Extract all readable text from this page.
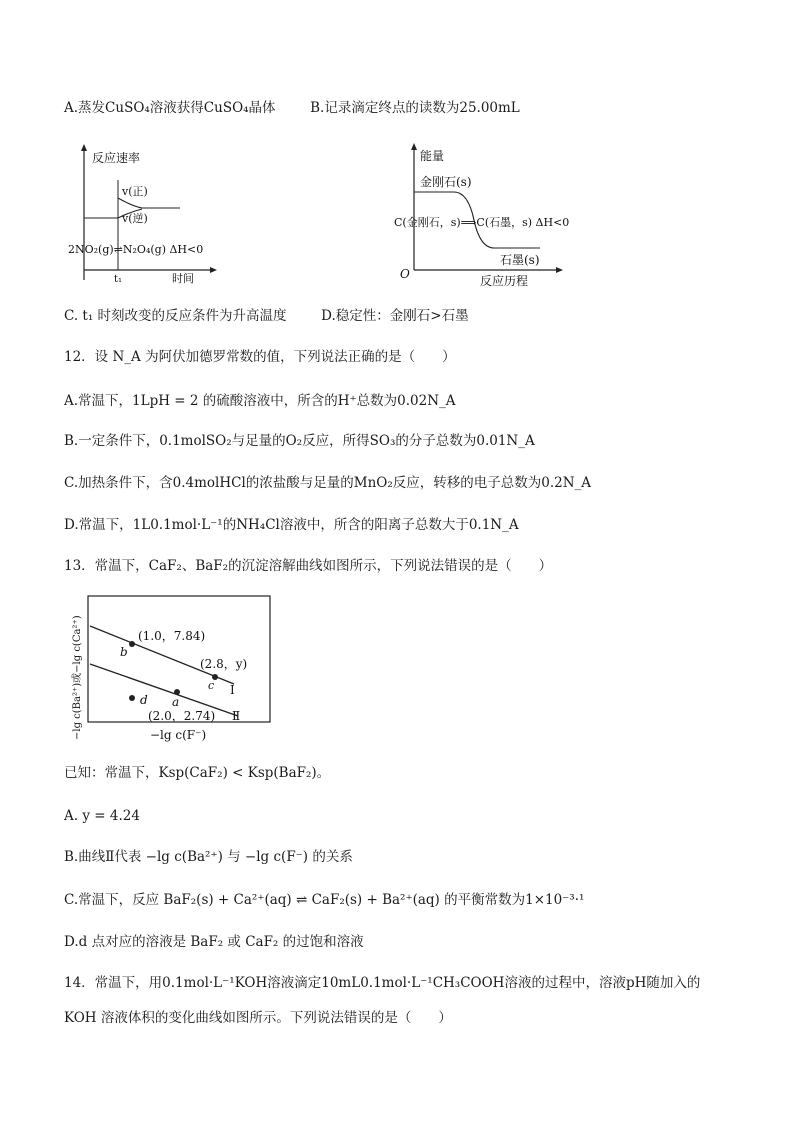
A.蒸发CuSO₄溶液获得CuSO₄晶体	B.记录滴定终点的读数为25.00mL
反应速率
v(正)
v(逆)
2NO₂(g)⇌N₂O₄(g) ΔH<0
t₁	时间
能量
金刚石(s)
C(金刚石，s)⟹C(石墨，s) ΔH<0
石墨(s)
O	反应历程
C. t₁ 时刻改变的反应条件为升高温度	D.稳定性：金刚石>石墨
12．设 N_A 为阿伏加德罗常数的值，下列说法正确的是（　　）
A.常温下，1LpH = 2 的硫酸溶液中，所含的H⁺总数为0.02N_A
B.一定条件下，0.1molSO₂与足量的O₂反应，所得SO₃的分子总数为0.01N_A
C.加热条件下，含0.4molHCl的浓盐酸与足量的MnO₂反应，转移的电子总数为0.2N_A
D.常温下，1L0.1mol·L⁻¹的NH₄Cl溶液中，所含的阳离子总数大于0.1N_A
13．常温下，CaF₂、BaF₂的沉淀溶解曲线如图所示，下列说法错误的是（　　）
−lg c(Ba²⁺)或−lg c(Ca²⁺)	(1.0，7.84)
b
(2.8，y)
c Ⅰ
a
d
(2.0，2.74) Ⅱ
−lg c(F⁻)
已知：常温下，Ksp(CaF₂) < Ksp(BaF₂)。
A. y = 4.24
B.曲线Ⅱ代表 −lg c(Ba²⁺) 与 −lg c(F⁻) 的关系
C.常温下，反应 BaF₂(s) + Ca²⁺(aq) ⇌ CaF₂(s) + Ba²⁺(aq) 的平衡常数为1×10⁻³·¹
D.d 点对应的溶液是 BaF₂ 或 CaF₂ 的过饱和溶液
14．常温下，用0.1mol·L⁻¹KOH溶液滴定10mL0.1mol·L⁻¹CH₃COOH溶液的过程中，溶液pH随加入的
KOH 溶液体积的变化曲线如图所示。下列说法错误的是（　　）
